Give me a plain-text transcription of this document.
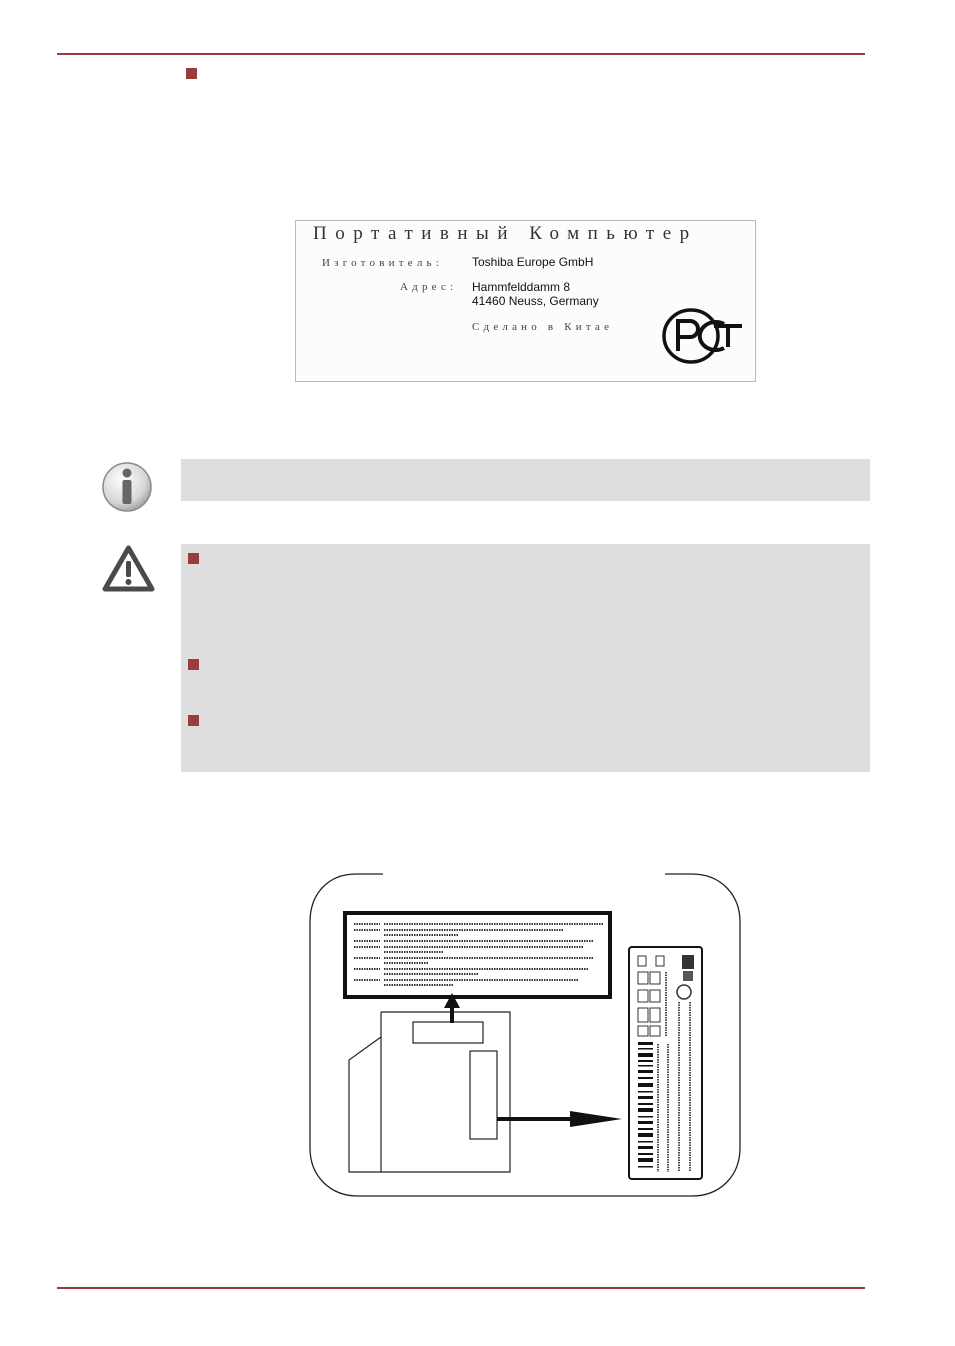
Портативный Компьютер
Изготовитель: Toshiba Europe GmbH
Адрес: Hammfelddamm 8
41460 Neuss, Germany
Сделано в Китае
